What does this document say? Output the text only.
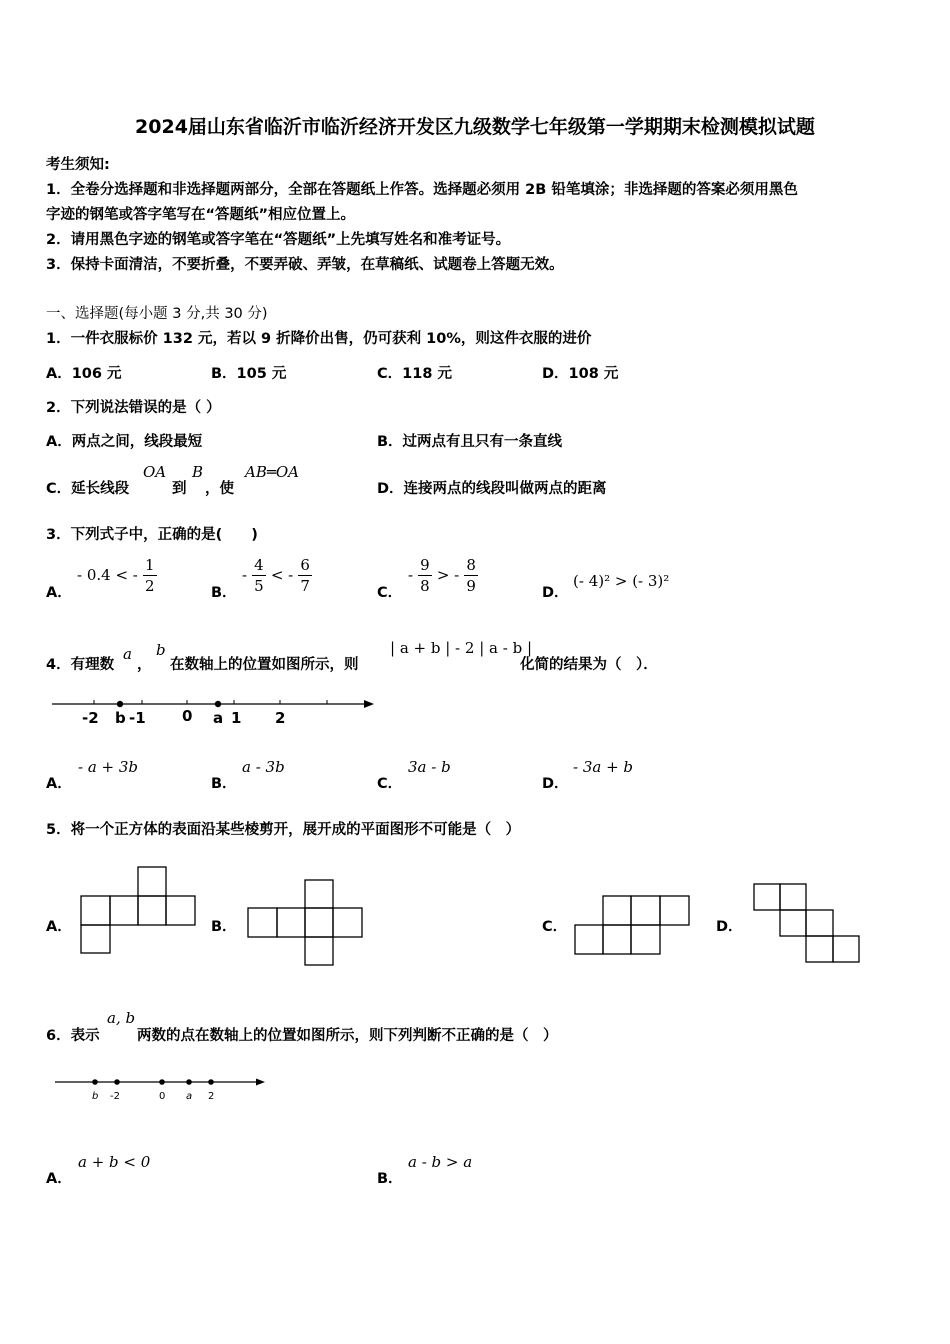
2024届山东省临沂市临沂经济开发区九级数学七年级第一学期期末检测模拟试题
考生须知:
1．全卷分选择题和非选择题两部分，全部在答题纸上作答。选择题必须用 2B 铅笔填涂；非选择题的答案必须用黑色
字迹的钢笔或答字笔写在“答题纸”相应位置上。
2．请用黑色字迹的钢笔或答字笔在“答题纸”上先填写姓名和准考证号。
3．保持卡面清洁，不要折叠，不要弄破、弄皱，在草稿纸、试题卷上答题无效。
一、选择题(每小题 3 分,共 30 分)
1．一件衣服标价 132 元，若以 9 折降价出售，仍可获利 10%，则这件衣服的进价
A．106 元	B．105 元	C．118 元	D．108 元
2．下列说法错误的是（ ）
A．两点之间，线段最短	B．过两点有且只有一条直线
C．延长线段
OA
到
B
，使
AB═OA
D．连接两点的线段叫做两点的距离
3．下列式子中，正确的是(　　)
A．
- 0.4 < - $\frac{1}{2}$	B．
- $\frac{4}{5}$ < - $\frac{6}{7}$	C．
- $\frac{9}{8}$ > - $\frac{8}{9}$	D．
(- 4)² > (- 3)²
4．有理数
a
，
b
在数轴上的位置如图所示，则
| a + b | - 2 | a - b |
化简的结果为（　）．
-2 b -1 0 a 1 2
A．
- a + 3b
B．
a - 3b
C．
3a - b
D．
- 3a + b
5．将一个正方体的表面沿某些棱剪开，展开成的平面图形不可能是（　）
A．	B．	C．	D．
6．表示
a, b
两数的点在数轴上的位置如图所示，则下列判断不正确的是（　）
b -2	0 a 2
A．
a + b < 0
B．
a - b > a
